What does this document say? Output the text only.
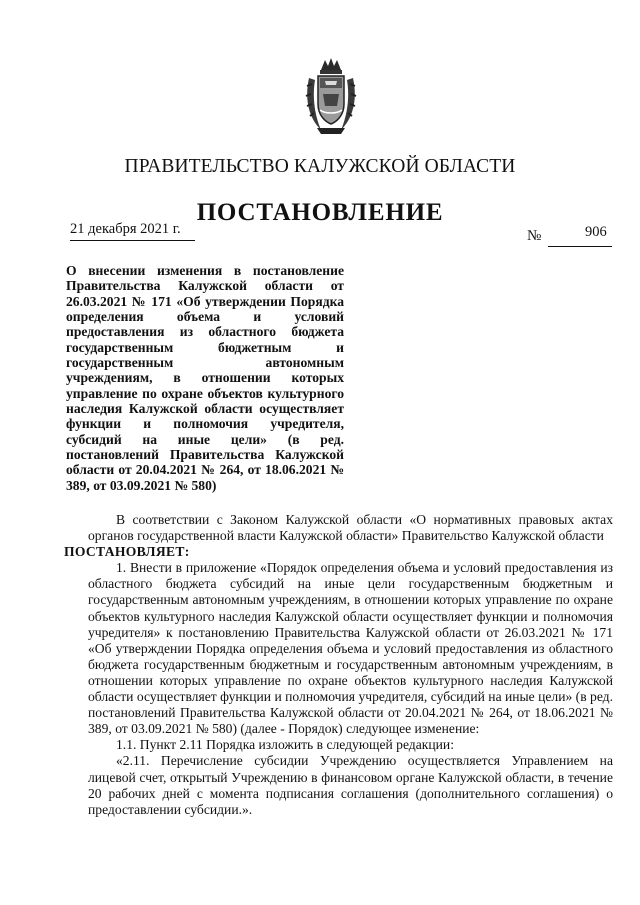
ПРАВИТЕЛЬСТВО КАЛУЖСКОЙ ОБЛАСТИ
ПОСТАНОВЛЕНИЕ
21 декабря 2021 г.	№	906
О внесении изменения в постановление Правительства Калужской области от 26.03.2021 № 171 «Об утверждении Порядка определения объема и условий предоставления из областного бюджета государственным бюджетным и государственным автономным учреждениям, в отношении которых управление по охране объектов культурного наследия Калужской области осуществляет функции и полномочия учредителя, субсидий на иные цели» (в ред. постановлений Правительства Калужской области от 20.04.2021 № 264, от 18.06.2021 № 389, от 03.09.2021 № 580)

В соответствии с Законом Калужской области «О нормативных правовых актах органов государственной власти Калужской области» Правительство Калужской области

ПОСТАНОВЛЯЕТ:

1. Внести в приложение «Порядок определения объема и условий предоставления из областного бюджета субсидий на иные цели государственным бюджетным и государственным автономным учреждениям, в отношении которых управление по охране объектов культурного наследия Калужской области осуществляет функции и полномочия учредителя» к постановлению Правительства Калужской области от 26.03.2021 № 171 «Об утверждении Порядка определения объема и условий предоставления из областного бюджета государственным бюджетным и государственным автономным учреждениям, в отношении которых управление по охране объектов культурного наследия Калужской области осуществляет функции и полномочия учредителя, субсидий на иные цели» (в ред. постановлений Правительства Калужской области от 20.04.2021 № 264, от 18.06.2021 № 389, от 03.09.2021 № 580) (далее - Порядок) следующее изменение:

1.1. Пункт 2.11 Порядка изложить в следующей редакции:

«2.11. Перечисление субсидии Учреждению осуществляется Управлением на лицевой счет, открытый Учреждению в финансовом органе Калужской области, в течение 20 рабочих дней с момента подписания соглашения (дополнительного соглашения) о предоставлении субсидии.».
